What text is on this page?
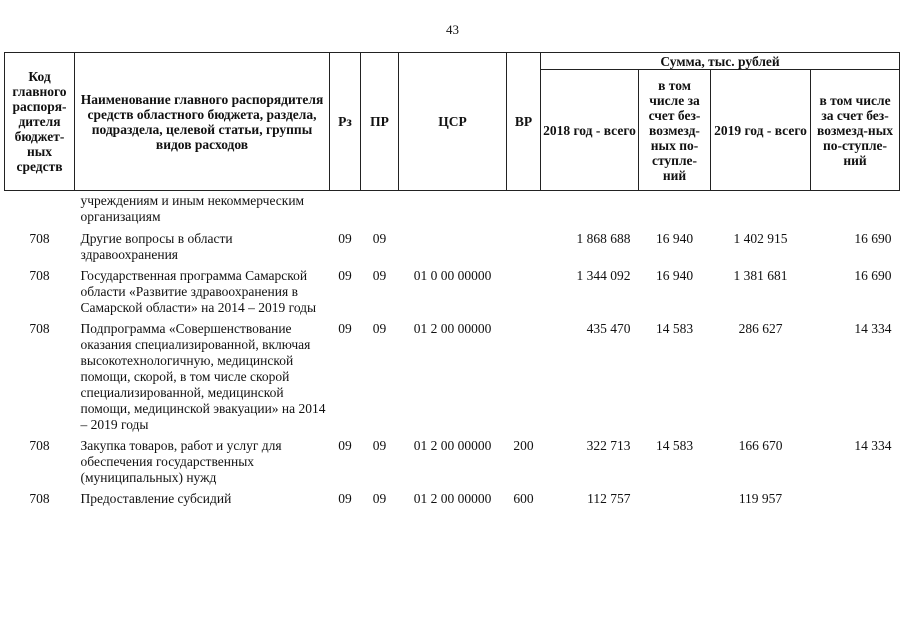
43
Код главного распоря-дителя бюджет-ных средств	Наименование главного распорядителя средств областного бюджета, раздела, подраздела, целевой статьи, группы видов расходов	Рз	ПР	ЦСР	ВР	Сумма, тыс. рублей			
						2018 год - всего	в том числе за счет без-возмезд-ных по-ступле-ний	2019 год - всего	в том числе за счет без-возмезд-ных по-ступле-ний
	учреждениям и иным некоммерческим организациям								
708	Другие вопросы в области здравоохранения	09	09			1 868 688	16 940	1 402 915	16 690
708	Государственная программа Самарской области «Развитие здравоохранения в Самарской области» на 2014 – 2019 годы	09	09	01 0 00 00000		1 344 092	16 940	1 381 681	16 690
708	Подпрограмма «Совершенствование оказания специализированной, включая высокотехнологичную, медицинской помощи, скорой, в том числе скорой специализированной, медицинской помощи, медицинской эвакуации» на 2014 – 2019 годы	09	09	01 2 00 00000		435 470	14 583	286 627	14 334
708	Закупка товаров, работ и услуг для обеспечения государственных (муниципальных) нужд	09	09	01 2 00 00000	200	322 713	14 583	166 670	14 334
708	Предоставление субсидий	09	09	01 2 00 00000	600	112 757		119 957	
